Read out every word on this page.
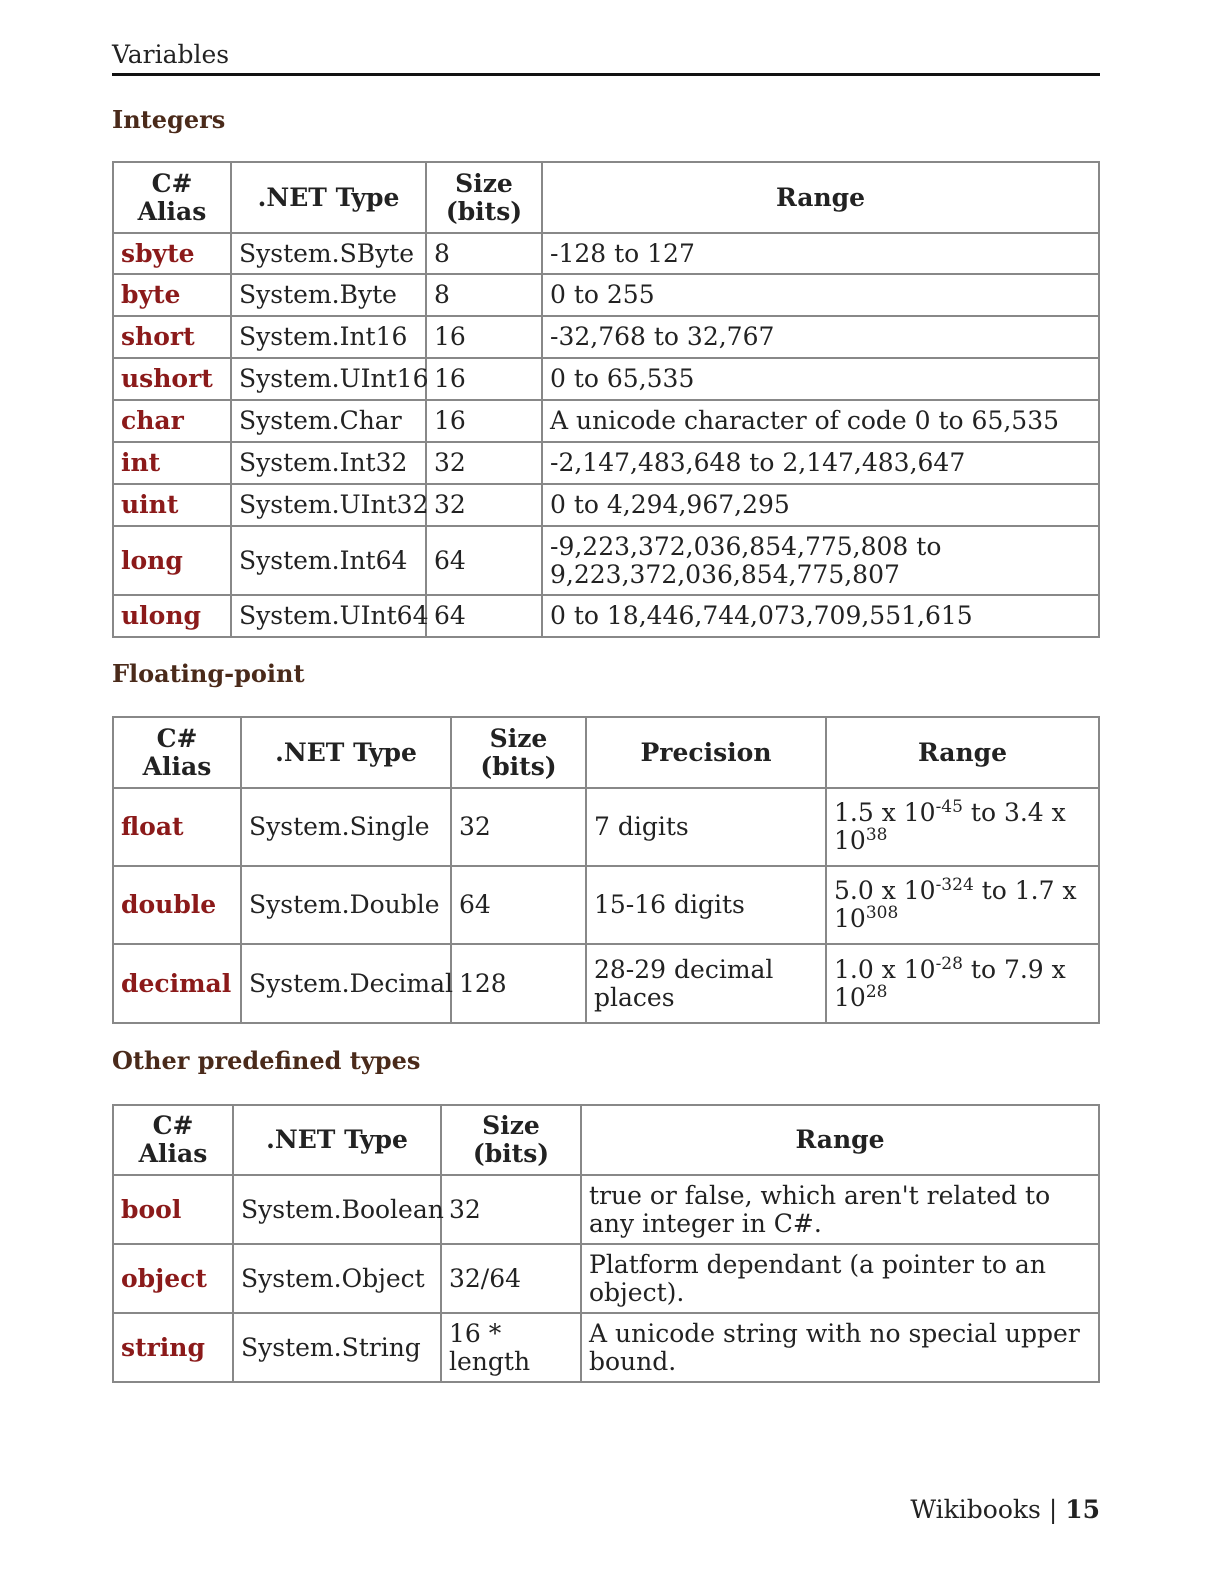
Variables
Integers
C# Alias	.NET Type	Size (bits)	Range
sbyte	System.SByte	8	-128 to 127
byte	System.Byte	8	0 to 255
short	System.Int16	16	-32,768 to 32,767
ushort	System.UInt16	16	0 to 65,535
char	System.Char	16	A unicode character of code 0 to 65,535
int	System.Int32	32	-2,147,483,648 to 2,147,483,647
uint	System.UInt32	32	0 to 4,294,967,295
long	System.Int64	64	-9,223,372,036,854,775,808 to 9,223,372,036,854,775,807
ulong	System.UInt64	64	0 to 18,446,744,073,709,551,615
Floating-point
C# Alias	.NET Type	Size (bits)	Precision	Range
float	System.Single	32	7 digits	1.5 x $10^{-45}$ to 3.4 x $10^{38}$
double	System.Double	64	15-16 digits	5.0 x $10^{-324}$ to 1.7 x $10^{308}$
decimal	System.Decimal	128	28-29 decimal places	1.0 x $10^{-28}$ to 7.9 x $10^{28}$
Other predefined types
C# Alias	.NET Type	Size (bits)	Range
bool	System.Boolean	32	true or false, which aren't related to any integer in C#.
object	System.Object	32/64	Platform dependant (a pointer to an object).
string	System.String	16 * length	A unicode string with no special upper bound.
Wikibooks | 15
